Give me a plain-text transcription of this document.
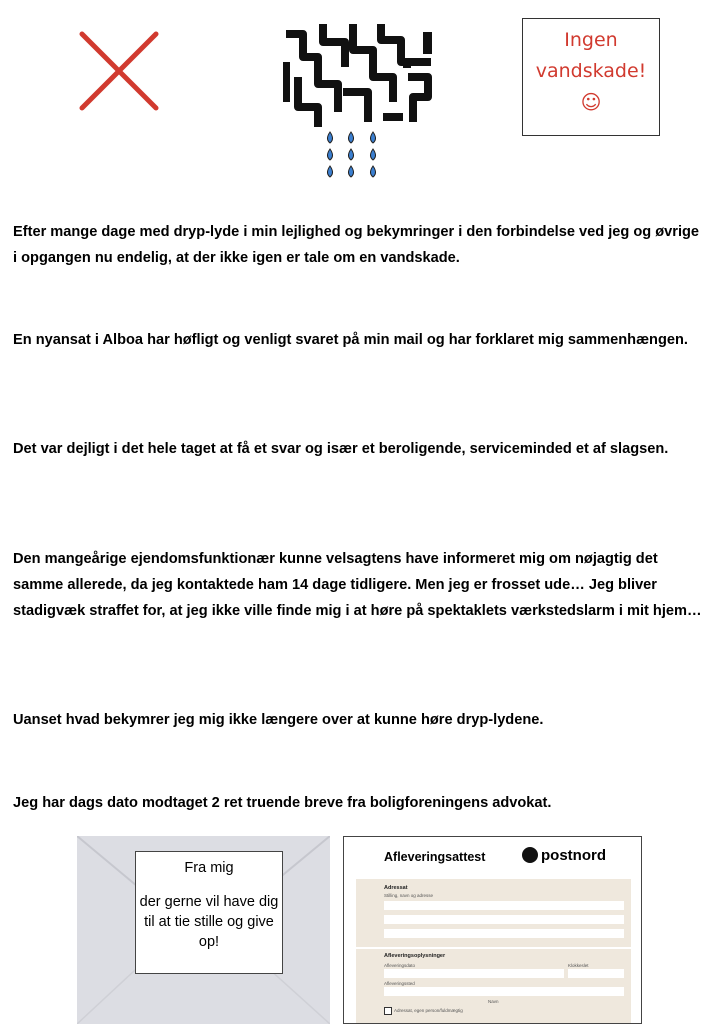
Ingen
vandskade!
☺

Efter mange dage med dryp-lyde i min lejlighed og bekymringer i den forbindelse ved jeg og øvrige i opgangen nu endelig, at der ikke igen er tale om en vandskade.

En nyansat i Alboa har høfligt og venligt svaret på min mail og har forklaret mig sammenhængen.

Det var dejligt i det hele taget at få et svar og især et beroligende, serviceminded et af slagsen.

Den mangeårige ejendomsfunktionær kunne velsagtens have informeret mig om nøjagtig det samme allerede, da jeg kontaktede ham 14 dage tidligere. Men jeg er frosset ude… Jeg bliver stadigvæk straffet for, at jeg ikke ville finde mig i at høre på spektaklets værkstedslarm i mit hjem…

Uanset hvad bekymrer jeg mig ikke længere over at kunne høre dryp-lydene.

Jeg har dags dato modtaget 2 ret truende breve fra boligforeningens advokat.

Fra mig
der gerne vil have dig til at tie stille og give op!
Afleveringsattest	postnord
Adressat
Stilling, navn og adresse
Afleveringsoplysninger
Afleveringsdato	Klokkeslet
Afleveringssted
Navn
Adressat, egen person/fuldmægtig
